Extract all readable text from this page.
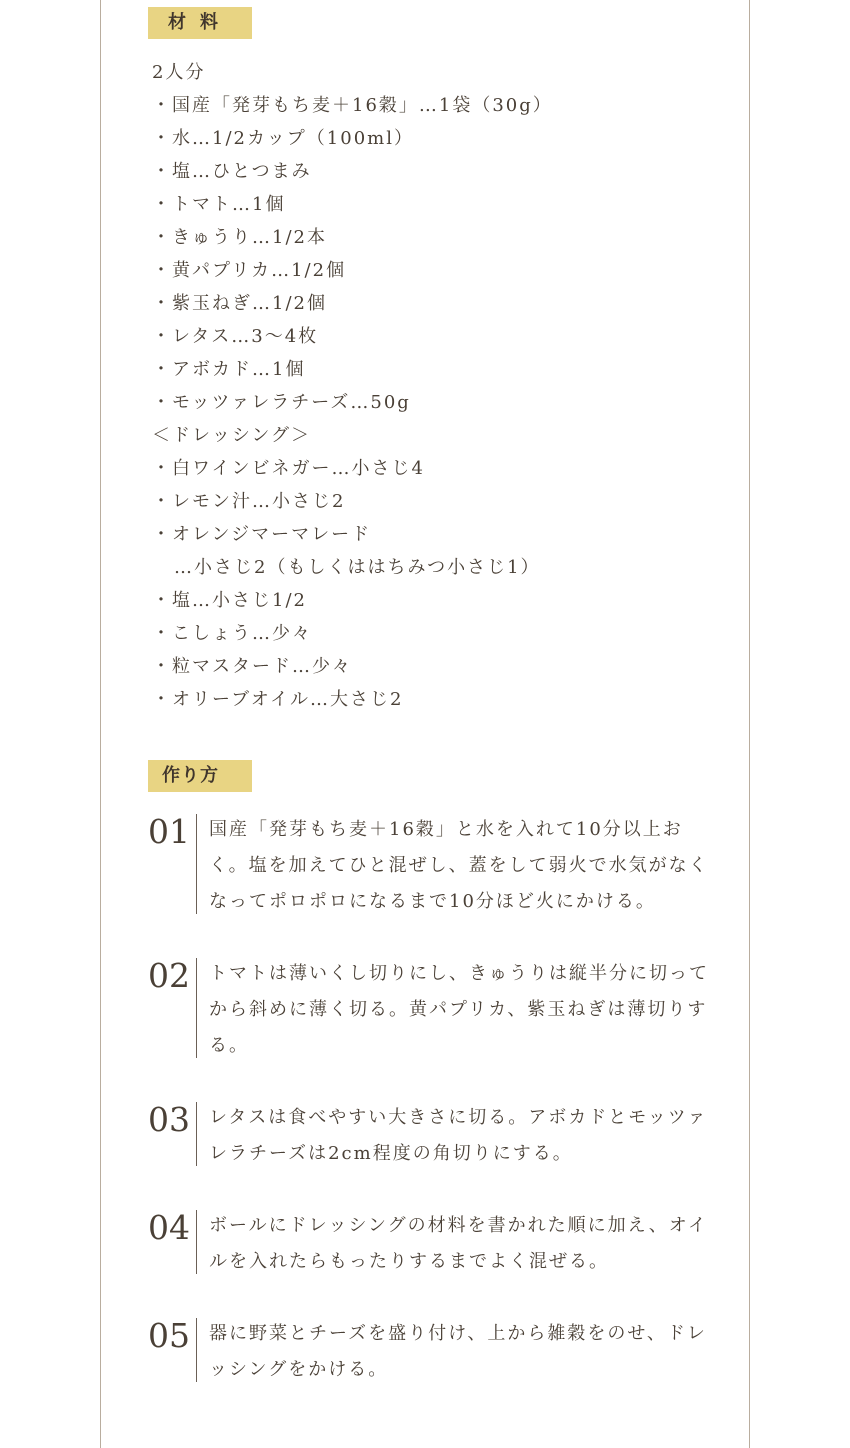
材料
2人分
・国産「発芽もち麦＋16穀」…1袋（30g）
・水…1/2カップ（100ml）
・塩…ひとつまみ
・トマト…1個
・きゅうり…1/2本
・黄パプリカ…1/2個
・紫玉ねぎ…1/2個
・レタス…3～4枚
・アボカド…1個
・モッツァレラチーズ…50g
＜ドレッシング＞
・白ワインビネガー…小さじ4
・レモン汁…小さじ2
・オレンジマーマレード
…小さじ2（もしくははちみつ小さじ1）
・塩…小さじ1/2
・こしょう…少々
・粒マスタード…少々
・オリーブオイル…大さじ2
作り方
01 国産「発芽もち麦＋16穀」と水を入れて10分以上おく。塩を加えてひと混ぜし、蓋をして弱火で水気がなくなってポロポロになるまで10分ほど火にかける。
02 トマトは薄いくし切りにし、きゅうりは縦半分に切ってから斜めに薄く切る。黄パプリカ、紫玉ねぎは薄切りする。
03 レタスは食べやすい大きさに切る。アボカドとモッツァレラチーズは2cm程度の角切りにする。
04 ボールにドレッシングの材料を書かれた順に加え、オイルを入れたらもったりするまでよく混ぜる。
05 器に野菜とチーズを盛り付け、上から雑穀をのせ、ドレッシングをかける。
